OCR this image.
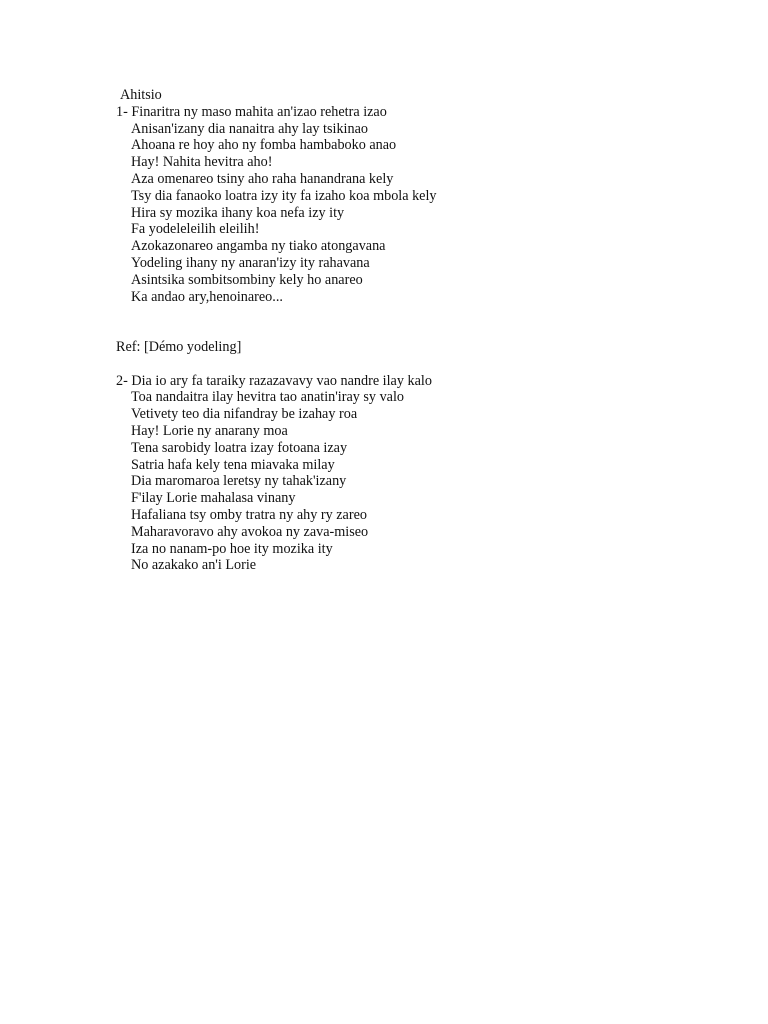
Ahitsio
1- Finaritra ny maso mahita an'izao rehetra izao
Anisan'izany dia nanaitra ahy lay tsikinao
Ahoana re hoy aho ny fomba hambaboko anao
Hay! Nahita hevitra aho!
Aza omenareo tsiny aho raha hanandrana kely
Tsy dia fanaoko loatra izy ity fa izaho koa mbola kely
Hira sy mozika ihany koa nefa izy ity
Fa yodeleleilih eleilih!
Azokazonareo angamba ny tiako atongavana
Yodeling ihany ny anaran'izy ity rahavana
Asintsika sombitsombiny kely ho anareo
Ka andao ary,henoinareo...
Ref: [Démo yodeling]
2- Dia io ary fa taraiky razazavavy vao nandre ilay kalo
Toa nandaitra ilay hevitra tao anatin'iray sy valo
Vetivety teo dia nifandray be izahay roa
Hay! Lorie ny anarany moa
Tena sarobidy loatra izay fotoana izay
Satria hafa kely tena miavaka milay
Dia maromaroa leretsy ny tahak'izany
F'ilay Lorie mahalasa vinany
Hafaliana tsy omby tratra ny ahy ry zareo
Maharavoravo ahy avokoa ny zava-miseo
Iza no nanam-po hoe ity mozika ity
No azakako an'i Lorie
